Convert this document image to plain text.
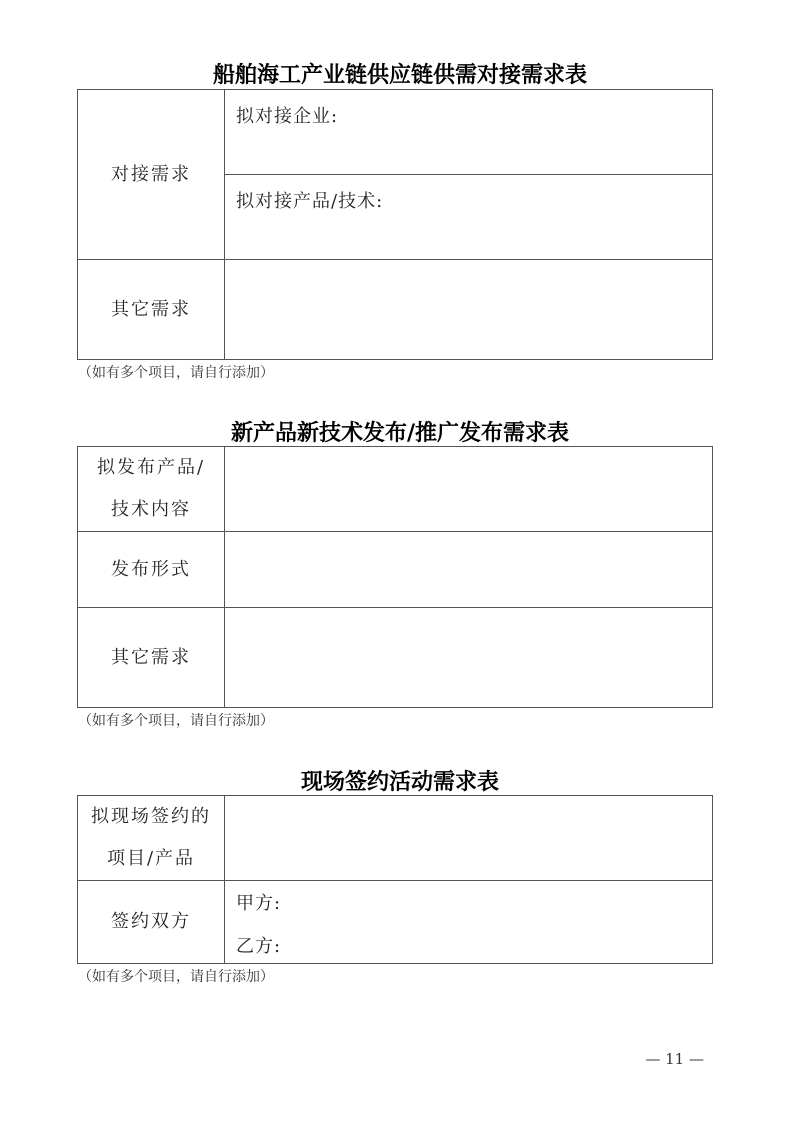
船舶海工产业链供应链供需对接需求表
对接需求
拟对接企业:
拟对接产品/技术:
其它需求
（如有多个项目，请自行添加）
新产品新技术发布/推广发布需求表
拟发布产品/
技术内容
发布形式
其它需求
（如有多个项目，请自行添加）
现场签约活动需求表
拟现场签约的
项目/产品
签约双方
甲方:
乙方:
（如有多个项目，请自行添加）
— 11 —
